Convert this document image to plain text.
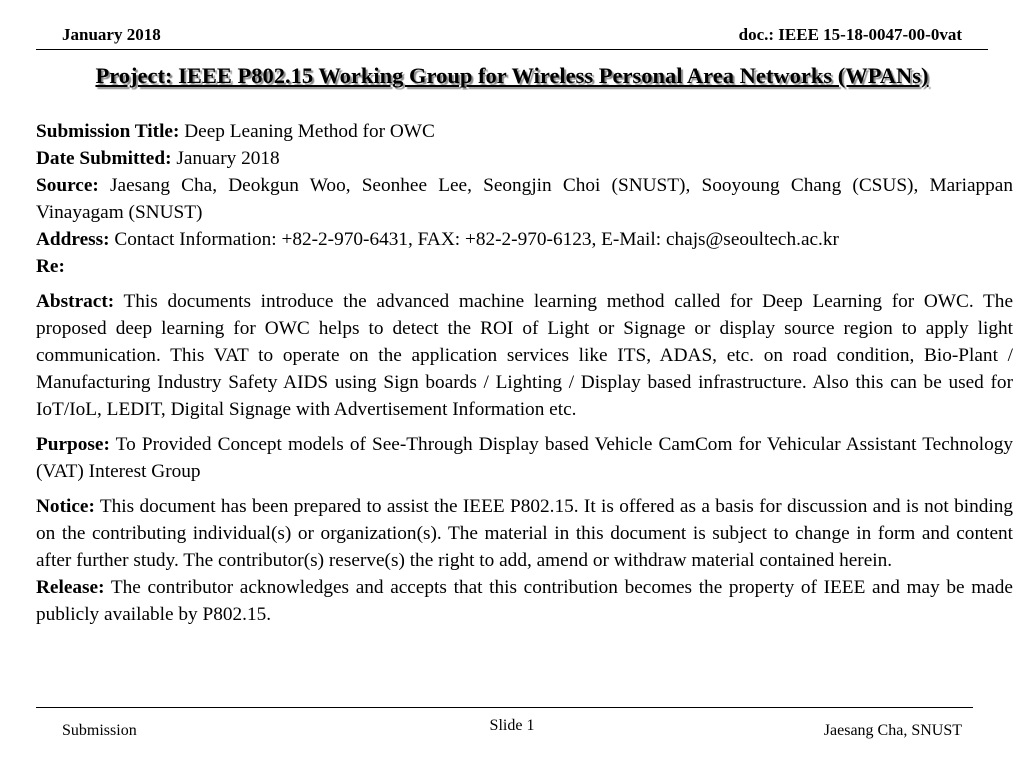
January 2018	doc.: IEEE 15-18-0047-00-0vat
Project: IEEE P802.15 Working Group for Wireless Personal Area Networks (WPANs)

Submission Title: Deep Leaning Method for OWC

Date Submitted: January 2018

Source: Jaesang Cha, Deokgun Woo, Seonhee Lee, Seongjin Choi (SNUST), Sooyoung Chang (CSUS), Mariappan Vinayagam (SNUST)

Address: Contact Information: +82-2-970-6431, FAX: +82-2-970-6123, E-Mail: chajs@seoultech.ac.kr

Re:

Abstract: This documents introduce the advanced machine learning method called for Deep Learning for OWC. The proposed deep learning for OWC helps to detect the ROI of Light or Signage or display source region to apply light communication. This VAT to operate on the application services like ITS, ADAS, etc. on road condition, Bio-Plant / Manufacturing Industry Safety AIDS using Sign boards / Lighting / Display based infrastructure. Also this can be used for IoT/IoL, LEDIT, Digital Signage with Advertisement Information etc.

Purpose: To Provided Concept models of See-Through Display based Vehicle CamCom for Vehicular Assistant Technology (VAT) Interest Group

Notice: This document has been prepared to assist the IEEE P802.15. It is offered as a basis for discussion and is not binding on the contributing individual(s) or organization(s). The material in this document is subject to change in form and content after further study. The contributor(s) reserve(s) the right to add, amend or withdraw material contained herein.

Release: The contributor acknowledges and accepts that this contribution becomes the property of IEEE and may be made publicly available by P802.15.

Submission	Slide 1	Jaesang Cha, SNUST
